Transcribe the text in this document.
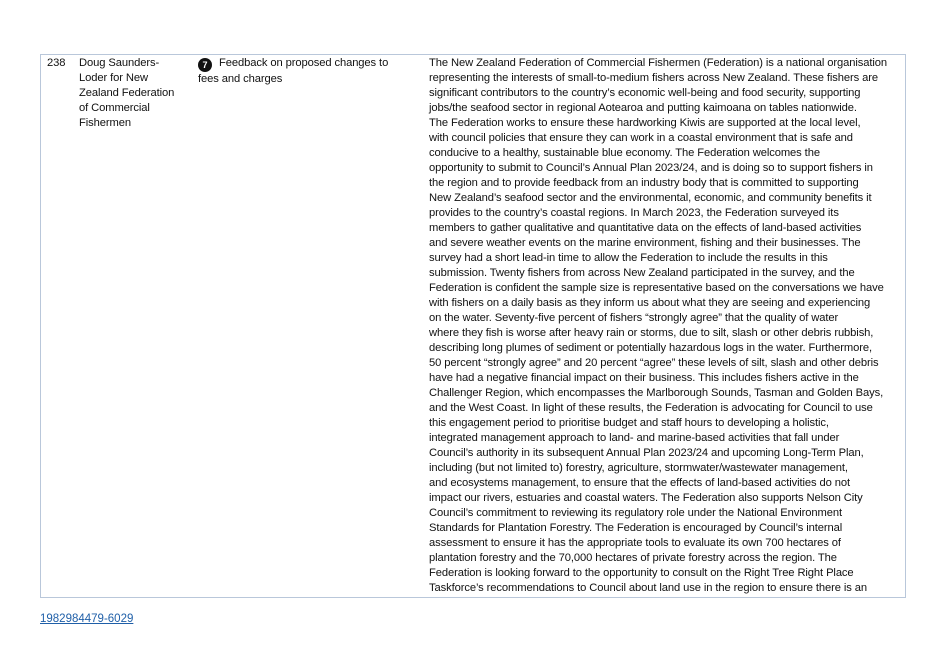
238	Doug Saunders-
Loder for New
Zealand Federation
of Commercial
Fishermen
7 Feedback on proposed changes to
fees and charges
The New Zealand Federation of Commercial Fishermen (Federation) is a national organisation
representing the interests of small-to-medium fishers across New Zealand. These fishers are
significant contributors to the country’s economic well-being and food security, supporting
jobs/the seafood sector in regional Aotearoa and putting kaimoana on tables nationwide.
The Federation works to ensure these hardworking Kiwis are supported at the local level,
with council policies that ensure they can work in a coastal environment that is safe and
conducive to a healthy, sustainable blue economy. The Federation welcomes the
opportunity to submit to Council’s Annual Plan 2023/24, and is doing so to support fishers in
the region and to provide feedback from an industry body that is committed to supporting
New Zealand’s seafood sector and the environmental, economic, and community benefits it
provides to the country’s coastal regions. In March 2023, the Federation surveyed its
members to gather qualitative and quantitative data on the effects of land-based activities
and severe weather events on the marine environment, fishing and their businesses. The
survey had a short lead-in time to allow the Federation to include the results in this
submission. Twenty fishers from across New Zealand participated in the survey, and the
Federation is confident the sample size is representative based on the conversations we have
with fishers on a daily basis as they inform us about what they are seeing and experiencing
on the water. Seventy-five percent of fishers “strongly agree” that the quality of water
where they fish is worse after heavy rain or storms, due to silt, slash or other debris rubbish,
describing long plumes of sediment or potentially hazardous logs in the water. Furthermore,
50 percent “strongly agree” and 20 percent “agree” these levels of silt, slash and other debris
have had a negative financial impact on their business. This includes fishers active in the
Challenger Region, which encompasses the Marlborough Sounds, Tasman and Golden Bays,
and the West Coast. In light of these results, the Federation is advocating for Council to use
this engagement period to prioritise budget and staff hours to developing a holistic,
integrated management approach to land- and marine-based activities that fall under
Council’s authority in its subsequent Annual Plan 2023/24 and upcoming Long-Term Plan,
including (but not limited to) forestry, agriculture, stormwater/wastewater management,
and ecosystems management, to ensure that the effects of land-based activities do not
impact our rivers, estuaries and coastal waters. The Federation also supports Nelson City
Council’s commitment to reviewing its regulatory role under the National Environment
Standards for Plantation Forestry. The Federation is encouraged by Council’s internal
assessment to ensure it has the appropriate tools to evaluate its own 700 hectares of
plantation forestry and the 70,000 hectares of private forestry across the region. The
Federation is looking forward to the opportunity to consult on the Right Tree Right Place
Taskforce’s recommendations to Council about land use in the region to ensure there is an
1982984479-6029
